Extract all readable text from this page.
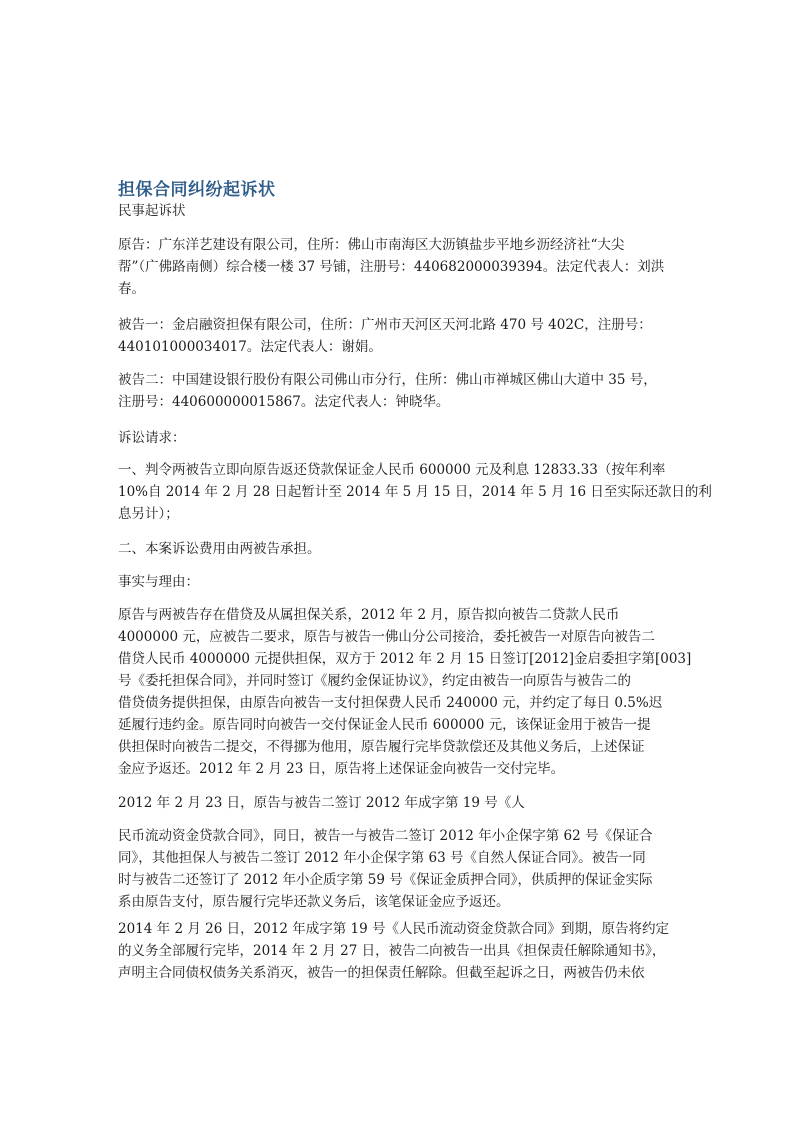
担保合同纠纷起诉状
民事起诉状
原告：广东洋艺建设有限公司，住所：佛山市南海区大沥镇盐步平地乡沥经济社“大尖
帮”（广佛路南侧）综合楼一楼 37 号铺，注册号：440682000039394。法定代表人：刘洪
春。
被告一：金启融资担保有限公司，住所：广州市天河区天河北路 470 号 402C，注册号：
440101000034017。法定代表人：谢娟。
被告二：中国建设银行股份有限公司佛山市分行，住所：佛山市禅城区佛山大道中 35 号，
注册号：440600000015867。法定代表人：钟晓华。
诉讼请求：
一、判令两被告立即向原告返还贷款保证金人民币 600000 元及利息 12833.33（按年利率
10%自 2014 年 2 月 28 日起暂计至 2014 年 5 月 15 日，2014 年 5 月 16 日至实际还款日的利
息另计）；
二、本案诉讼费用由两被告承担。
事实与理由：
原告与两被告存在借贷及从属担保关系，2012 年 2 月，原告拟向被告二贷款人民币
4000000 元，应被告二要求，原告与被告一佛山分公司接洽，委托被告一对原告向被告二
借贷人民币 4000000 元提供担保，双方于 2012 年 2 月 15 日签订[2012]金启委担字第[003]
号《委托担保合同》，并同时签订《履约金保证协议》，约定由被告一向原告与被告二的
借贷债务提供担保，由原告向被告一支付担保费人民币 240000 元，并约定了每日 0.5%迟
延履行违约金。原告同时向被告一交付保证金人民币 600000 元，该保证金用于被告一提
供担保时向被告二提交，不得挪为他用，原告履行完毕贷款偿还及其他义务后，上述保证
金应予返还。2012 年 2 月 23 日，原告将上述保证金向被告一交付完毕。
2012 年 2 月 23 日，原告与被告二签订 2012 年成字第 19 号《人
民币流动资金贷款合同》，同日，被告一与被告二签订 2012 年小企保字第 62 号《保证合
同》，其他担保人与被告二签订 2012 年小企保字第 63 号《自然人保证合同》。被告一同
时与被告二还签订了 2012 年小企质字第 59 号《保证金质押合同》，供质押的保证金实际
系由原告支付，原告履行完毕还款义务后，该笔保证金应予返还。
2014 年 2 月 26 日，2012 年成字第 19 号《人民币流动资金贷款合同》到期，原告将约定
的义务全部履行完毕，2014 年 2 月 27 日，被告二向被告一出具《担保责任解除通知书》，
声明主合同债权债务关系消灭，被告一的担保责任解除。但截至起诉之日，两被告仍未依
